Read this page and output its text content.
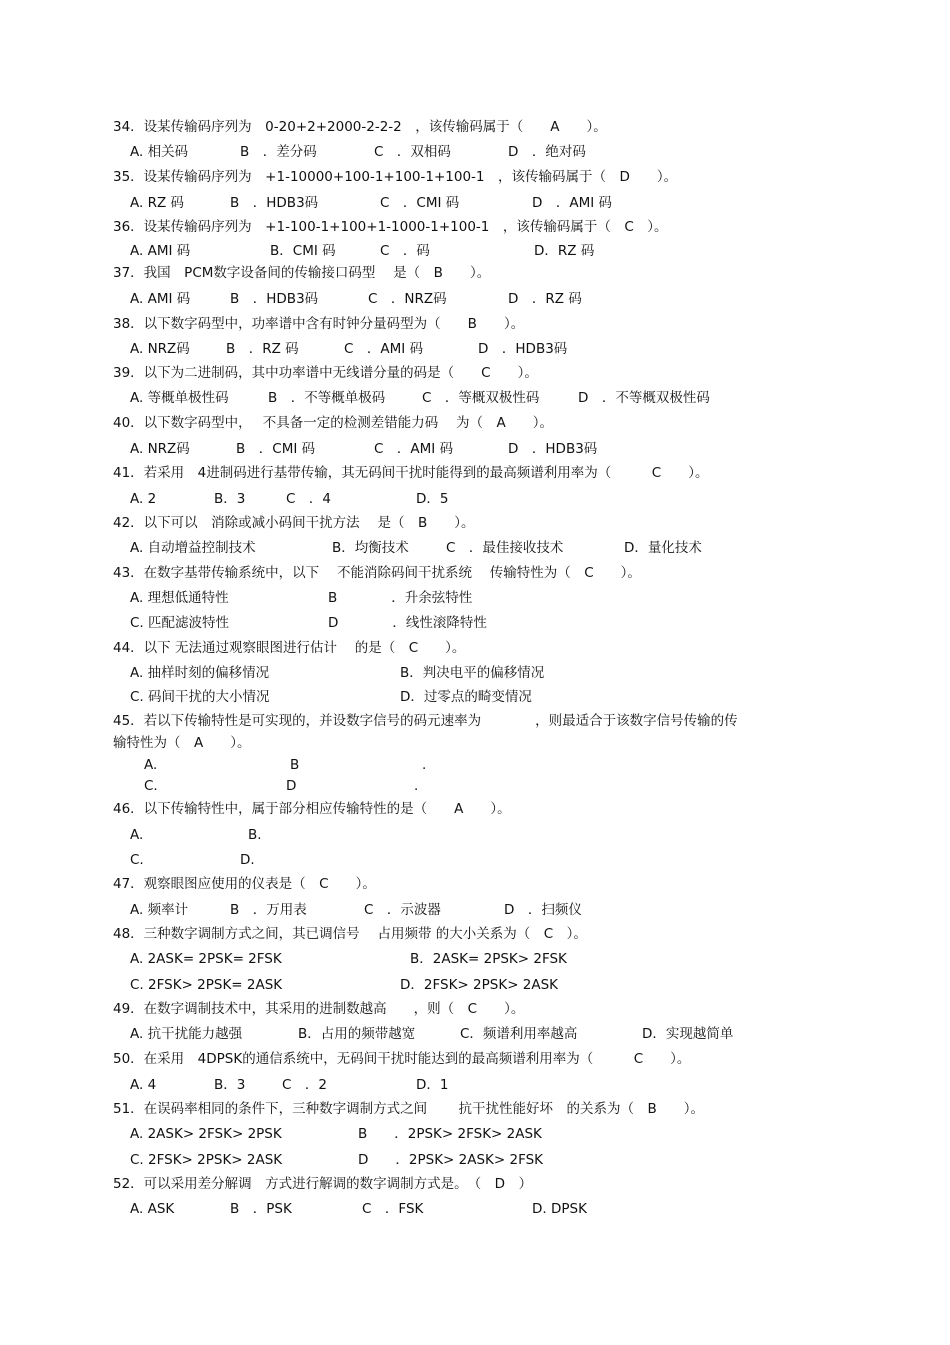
34．设某传输码序列为　0-20+2+2000-2-2-2　，该传输码属于（　　A　　）。
A. 相关码	B　．差分码	C　．双相码	D　．绝对码
35．设某传输码序列为　+1-10000+100-1+100-1+100-1　，该传输码属于（　D　　）。
A. RZ 码	B　．HDB3码	C　．CMI 码	D　．AMI 码
36．设某传输码序列为　+1-100-1+100+1-1000-1+100-1　，该传输码属于（　C　）。
A. AMI 码	B．CMI 码	C　．码	D．RZ 码
37．我国　PCM数字设备间的传输接口码型　 是（　B　　）。
A. AMI 码	B　．HDB3码	C　．NRZ码	D　．RZ 码
38．以下数字码型中，功率谱中含有时钟分量码型为（　　B　　）。
A. NRZ码	B　．RZ 码	C　．AMI 码	D　．HDB3码
39．以下为二进制码，其中功率谱中无线谱分量的码是（　　C　　）。
A. 等概单极性码	B　．不等概单极码	C　．等概双极性码	D　．不等概双极性码
40．以下数字码型中，　 不具备一定的检测差错能力码　 为（　A　　）。
A. NRZ码	B　．CMI 码	C　．AMI 码	D　．HDB3码
41．若采用　4进制码进行基带传输，其无码间干扰时能得到的最高频谱利用率为（　　　C　　）。
A. 2	B．3	C　．4	D．5
42．以下可以　消除或减小码间干扰方法　 是（　B　　）。
A. 自动增益控制技术	B．均衡技术	C　．最佳接收技术	D．量化技术
43．在数字基带传输系统中，以下　 不能消除码间干扰系统　 传输特性为（　C　　）。
A. 理想低通特性	B　　　　．升余弦特性
C. 匹配滤波特性	D　　　　．线性滚降特性
44．以下 无法通过观察眼图进行估计　 的是（　C　　）。
A. 抽样时刻的偏移情况	B．判决电平的偏移情况
C. 码间干扰的大小情况	D．过零点的畸变情况
45．若以下传输特性是可实现的，并设数字信号的码元速率为　　　　，则最适合于该数字信号传输的传
输特性为（　A　　）。
A.	B	.
C.	D	.
46．以下传输特性中，属于部分相应传输特性的是（　　A　　）。
A.	B.
C.	D.
47．观察眼图应使用的仪表是（　C　　）。
A. 频率计	B　．万用表	C　．示波器	D　．扫频仪
48．三种数字调制方式之间，其已调信号　 占用频带 的大小关系为（　C　）。
A. 2ASK= 2PSK= 2FSK	B．2ASK= 2PSK> 2FSK
C. 2FSK> 2PSK= 2ASK	D．2FSK> 2PSK> 2ASK
49．在数字调制技术中，其采用的进制数越高　　，则（　C　　）。
A. 抗干扰能力越强	B．占用的频带越宽	C．频谱利用率越高	D．实现越简单
50．在采用　4DPSK的通信系统中，无码间干扰时能达到的最高频谱利用率为（　　　C　　）。
A. 4	B．3	C　．2	D．1
51．在误码率相同的条件下，三种数字调制方式之间　　 抗干扰性能好坏　的关系为（　B　　）。
A. 2ASK> 2FSK> 2PSK	B　　．2PSK> 2FSK> 2ASK
C. 2FSK> 2PSK> 2ASK	D　　．2PSK> 2ASK> 2FSK
52．可以采用差分解调　方式进行解调的数字调制方式是。　（　D　）
A. ASK	B　．PSK	C　．FSK	D. DPSK
